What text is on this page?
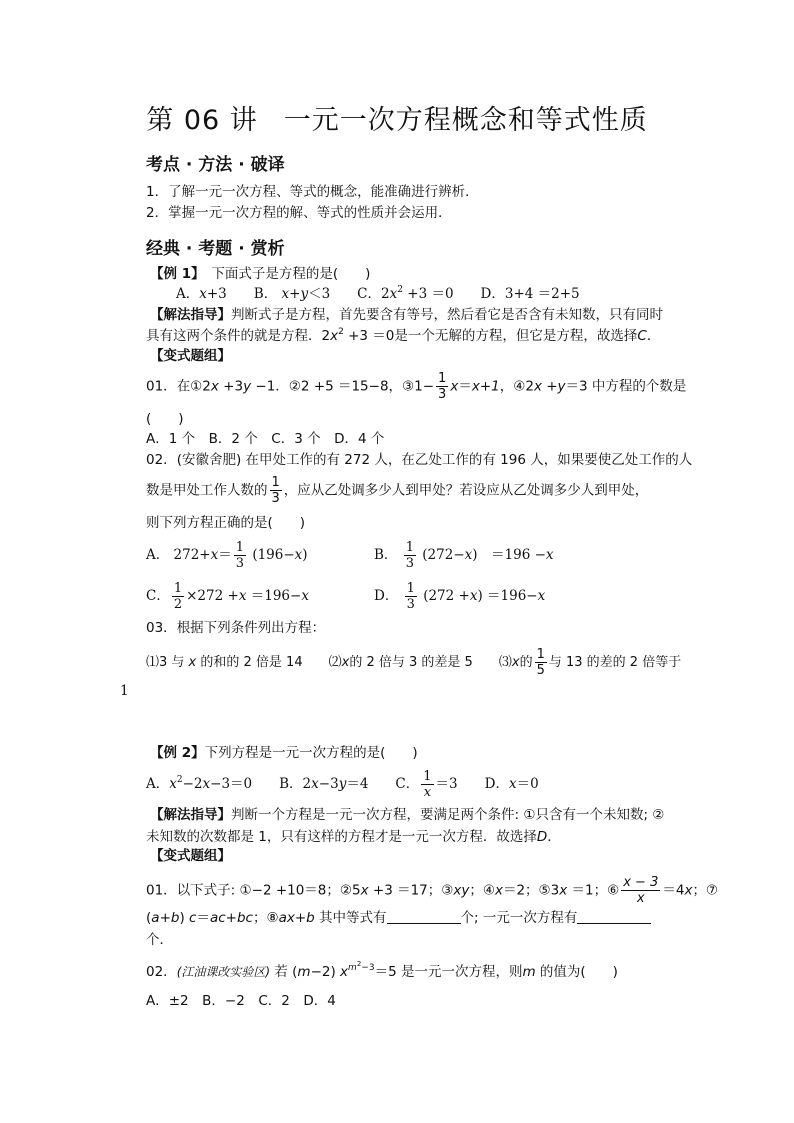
第 06 讲 一元一次方程概念和等式性质
考点 · 方法 · 破译
1．了解一元一次方程、等式的概念，能准确进行辨析．
2．掌握一元一次方程的解、等式的性质并会运用．
经典 · 考题 · 赏析
【例 1】　 下面式子是方程的是(　　)
A．x+3　　 B． x+y＜3　　 C．$2x^2 +3 =0$　　 D．3+4 ＝2+5
【解法指导】判断式子是方程，首先要含有等号，然后看它是否含有未知数，只有同时
具有这两个条件的就是方程．$2x^2 +3 =0$是一个无解的方程，但它是方程，故选择C．
【变式题组】
01．在①2x +3y −1．②2 +5 ＝15−8，③1− $\frac{1}{3} x=x+1$，④2x +y＝3 中方程的个数是
(　　)
A．1 个　 B．2 个　 C．3 个　 D．4 个
02．(安徽舍肥) 在甲处工作的有 272 人，在乙处工作的有 196 人，如果要使乙处工作的人
数是甲处工作人数的 $\frac{1}{3}$ ，应从乙处调多少人到甲处？若设应从乙处调多少人到甲处，
则下列方程正确的是(　　)
A． $272+x= \frac{1}{3} (196-x)$	B． $\frac{1}{3} (272-x)$　＝196 −x
C． $\frac{1}{2} \times 272 +x =196-x$	D． $\frac{1}{3} (272 +x) =196-x$
03．根据下列条件列出方程：
⑴3 与 x 的和的 2 倍是 14　　 ⑵x的 2 倍与 3 的差是 5　　 ⑶x的 $\frac{1}{5}$ 与 13 的差的 2 倍等于
1
【例 2】下列方程是一元一次方程的是(　　)
A．$x^2-2x-3=0$　　 B．2x−3y＝4　　 C． $\frac{1}{x} =3$　　 D．x＝0
【解法指导】判断一个方程是一元一次方程，要满足两个条件: ①只含有一个未知数; ②
未知数的次数都是 1，只有这样的方程才是一元一次方程．故选择D．
【变式题组】
01．以下式子: ①−2 +10＝8；②5x +3 ＝17；③xy；④x＝2；⑤3x ＝1；⑥ $\frac{x - 3}{x} =4x$；⑦
(a+b) c＝ac+bc；⑧ax+b 其中等式有	个; 一元一次方程有
个．
02．(江油课改实验区) 若 (m−2) $x^{m^2-3}=5$ 是一元一次方程，则m 的值为(　　)
A．±2　 B．−2　 C．2　 D．4
